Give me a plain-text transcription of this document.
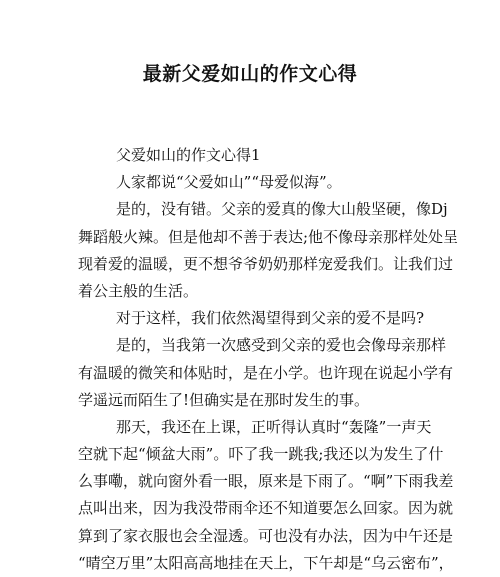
最新父爱如山的作文心得
父爱如山的作文心得1
人家都说“父爱如山”“母爱似海”。
是的，没有错。父亲的爱真的像大山般坚硬，像Dj
舞蹈般火辣。但是他却不善于表达;他不像母亲那样处处呈
现着爱的温暖，更不想爷爷奶奶那样宠爱我们。让我们过
着公主般的生活。
对于这样，我们依然渴望得到父亲的爱不是吗?
是的，当我第一次感受到父亲的爱也会像母亲那样
有温暖的微笑和体贴时，是在小学。也许现在说起小学有
学遥远而陌生了!但确实是在那时发生的事。
那天，我还在上课，正听得认真时“轰隆”一声天
空就下起“倾盆大雨”。吓了我一跳我;我还以为发生了什
么事嘞，就向窗外看一眼，原来是下雨了。“啊”下雨我差
点叫出来，因为我没带雨伞还不知道要怎么回家。因为就
算到了家衣服也会全湿透。可也没有办法，因为中午还是
“晴空万里”太阳高高地挂在天上，下午却是“乌云密布”，
